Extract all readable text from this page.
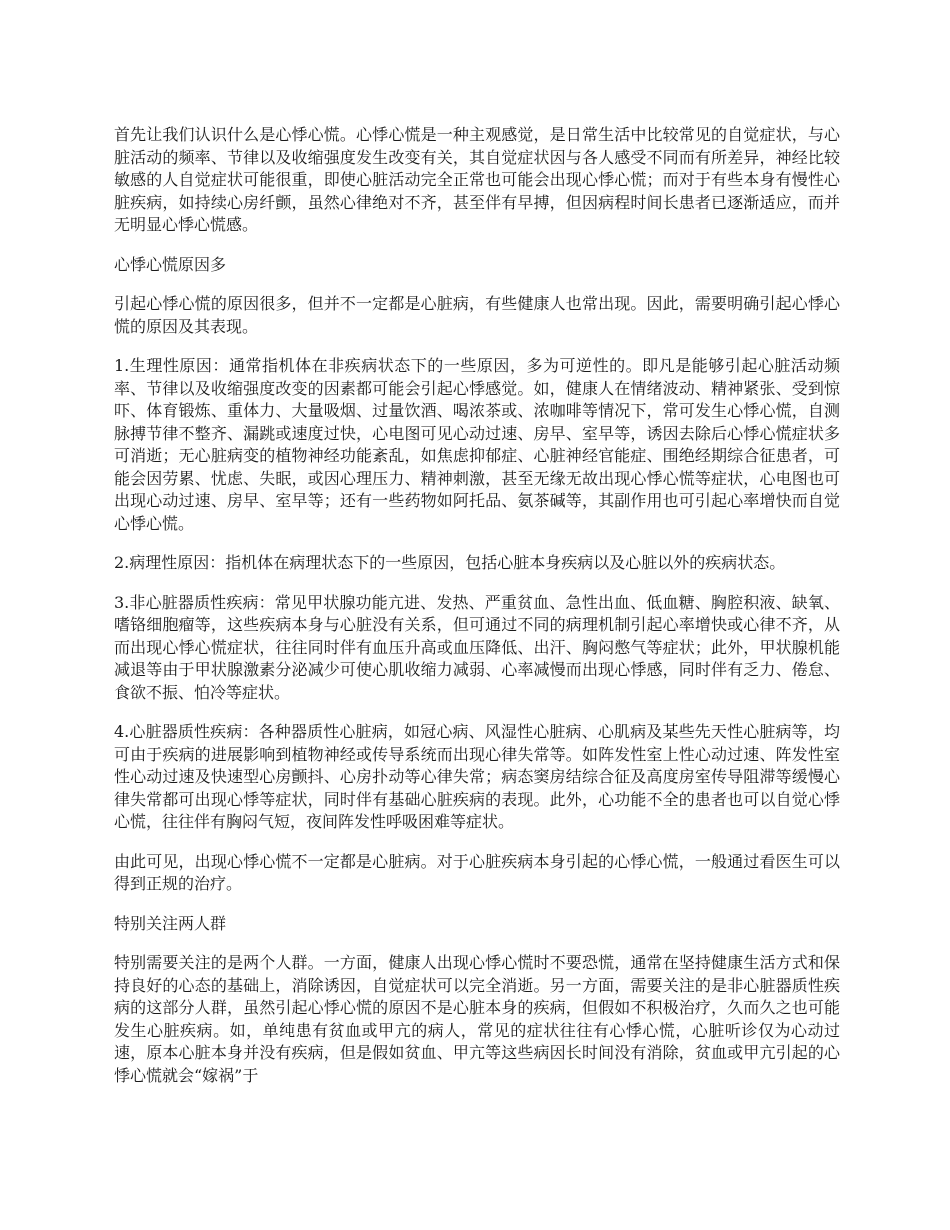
首先让我们认识什么是心悸心慌。心悸心慌是一种主观感觉，是日常生活中比较常见的自觉症状，与心脏活动的频率、节律以及收缩强度发生改变有关，其自觉症状因与各人感受不同而有所差异，神经比较敏感的人自觉症状可能很重，即使心脏活动完全正常也可能会出现心悸心慌；而对于有些本身有慢性心脏疾病，如持续心房纤颤，虽然心律绝对不齐，甚至伴有早搏，但因病程时间长患者已逐渐适应，而并无明显心悸心慌感。

心悸心慌原因多

引起心悸心慌的原因很多，但并不一定都是心脏病，有些健康人也常出现。因此，需要明确引起心悸心慌的原因及其表现。

1.生理性原因：通常指机体在非疾病状态下的一些原因，多为可逆性的。即凡是能够引起心脏活动频率、节律以及收缩强度改变的因素都可能会引起心悸感觉。如，健康人在情绪波动、精神紧张、受到惊吓、体育锻炼、重体力、大量吸烟、过量饮酒、喝浓茶或、浓咖啡等情况下，常可发生心悸心慌，自测脉搏节律不整齐、漏跳或速度过快，心电图可见心动过速、房早、室早等，诱因去除后心悸心慌症状多可消逝；无心脏病变的植物神经功能紊乱，如焦虑抑郁症、心脏神经官能症、围绝经期综合征患者，可能会因劳累、忧虑、失眠，或因心理压力、精神刺激，甚至无缘无故出现心悸心慌等症状，心电图也可出现心动过速、房早、室早等；还有一些药物如阿托品、氨茶碱等，其副作用也可引起心率增快而自觉心悸心慌。

2.病理性原因：指机体在病理状态下的一些原因，包括心脏本身疾病以及心脏以外的疾病状态。

3.非心脏器质性疾病：常见甲状腺功能亢进、发热、严重贫血、急性出血、低血糖、胸腔积液、缺氧、嗜铬细胞瘤等，这些疾病本身与心脏没有关系，但可通过不同的病理机制引起心率增快或心律不齐，从而出现心悸心慌症状，往往同时伴有血压升高或血压降低、出汗、胸闷憋气等症状；此外，甲状腺机能减退等由于甲状腺激素分泌减少可使心肌收缩力减弱、心率减慢而出现心悸感，同时伴有乏力、倦怠、食欲不振、怕冷等症状。

4.心脏器质性疾病：各种器质性心脏病，如冠心病、风湿性心脏病、心肌病及某些先天性心脏病等，均可由于疾病的进展影响到植物神经或传导系统而出现心律失常等。如阵发性室上性心动过速、阵发性室性心动过速及快速型心房颤抖、心房扑动等心律失常；病态窦房结综合征及高度房室传导阻滞等缓慢心律失常都可出现心悸等症状，同时伴有基础心脏疾病的表现。此外，心功能不全的患者也可以自觉心悸心慌，往往伴有胸闷气短，夜间阵发性呼吸困难等症状。

由此可见，出现心悸心慌不一定都是心脏病。对于心脏疾病本身引起的心悸心慌，一般通过看医生可以得到正规的治疗。

特别关注两人群

特别需要关注的是两个人群。一方面，健康人出现心悸心慌时不要恐慌，通常在坚持健康生活方式和保持良好的心态的基础上，消除诱因，自觉症状可以完全消逝。另一方面，需要关注的是非心脏器质性疾病的这部分人群，虽然引起心悸心慌的原因不是心脏本身的疾病，但假如不积极治疗，久而久之也可能发生心脏疾病。如，单纯患有贫血或甲亢的病人，常见的症状往往有心悸心慌，心脏听诊仅为心动过速，原本心脏本身并没有疾病，但是假如贫血、甲亢等这些病因长时间没有消除，贫血或甲亢引起的心悸心慌就会“嫁祸”于
